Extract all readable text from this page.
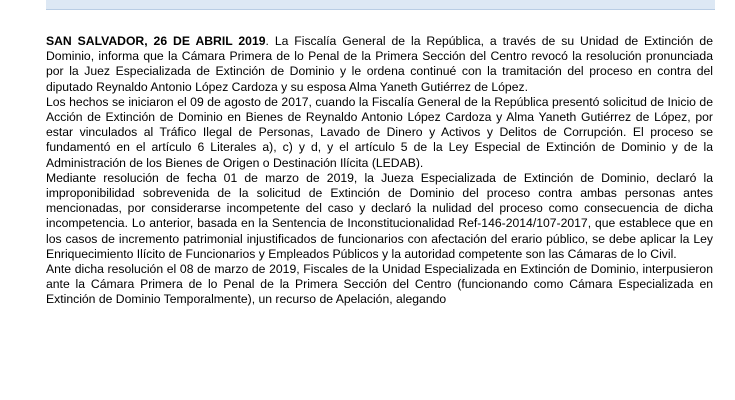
SAN SALVADOR, 26 DE ABRIL 2019. La Fiscalía General de la República, a través de su Unidad de Extinción de Dominio, informa que la Cámara Primera de lo Penal de la Primera Sección del Centro revocó la resolución pronunciada por la Juez Especializada de Extinción de Dominio y le ordena continué con la tramitación del proceso en contra del diputado Reynaldo Antonio López Cardoza y su esposa Alma Yaneth Gutiérrez de López.

Los hechos se iniciaron el 09 de agosto de 2017, cuando la Fiscalía General de la República presentó solicitud de Inicio de Acción de Extinción de Dominio en Bienes de Reynaldo Antonio López Cardoza y Alma Yaneth Gutiérrez de López, por estar vinculados al Tráfico Ilegal de Personas, Lavado de Dinero y Activos y Delitos de Corrupción. El proceso se fundamentó en el artículo 6 Literales a), c) y d, y el artículo 5 de la Ley Especial de Extinción de Dominio y de la Administración de los Bienes de Origen o Destinación Ilícita (LEDAB).

Mediante resolución de fecha 01 de marzo de 2019, la Jueza Especializada de Extinción de Dominio, declaró la improponibilidad sobrevenida de la solicitud de Extinción de Dominio del proceso contra ambas personas antes mencionadas, por considerarse incompetente del caso y declaró la nulidad del proceso como consecuencia de dicha incompetencia. Lo anterior, basada en la Sentencia de Inconstitucionalidad Ref-146-2014/107-2017, que establece que en los casos de incremento patrimonial injustificados de funcionarios con afectación del erario público, se debe aplicar la Ley Enriquecimiento Ilícito de Funcionarios y Empleados Públicos y la autoridad competente son las Cámaras de lo Civil.

Ante dicha resolución el 08 de marzo de 2019, Fiscales de la Unidad Especializada en Extinción de Dominio, interpusieron ante la Cámara Primera de lo Penal de la Primera Sección del Centro (funcionando como Cámara Especializada en Extinción de Dominio Temporalmente), un recurso de Apelación, alegando
